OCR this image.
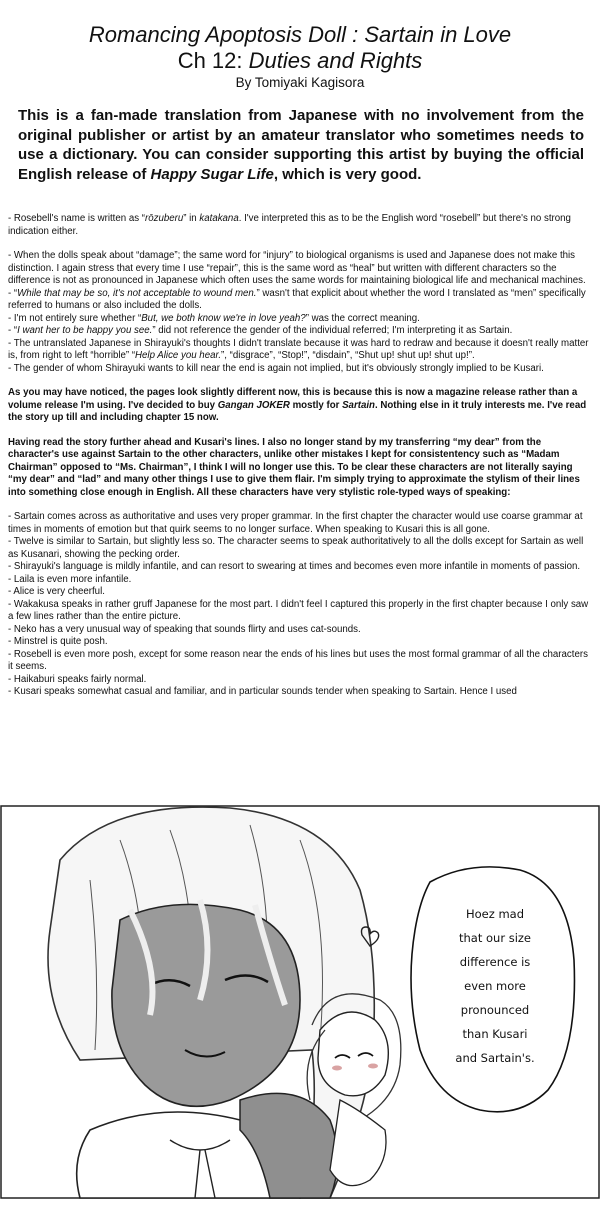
Romancing Apoptosis Doll : Sartain in Love

Ch 12: Duties and Rights

By Tomiyaki Kagisora

This is a fan-made translation from Japanese with no involvement from the original publisher or artist by an amateur translator who sometimes needs to use a dictionary. You can consider supporting this artist by buying the official English release of Happy Sugar Life, which is very good.

- Rosebell's name is written as “rōzuberu” in katakana. I've interpreted this as to be the English word “rosebell” but there's no strong indication either.

- When the dolls speak about “damage”; the same word for “injury” to biological organisms is used and Japanese does not make this distinction. I again stress that every time I use “repair”, this is the same word as “heal” but written with different characters so the difference is not as pronounced in Japanese which often uses the same words for maintaining biological life and mechanical machines.

- “While that may be so, it's not acceptable to wound men.” wasn't that explicit about whether the word I translated as “men” specifically referred to humans or also included the dolls.

- I'm not entirely sure whether “But, we both know we're in love yeah?” was the correct meaning.

- “I want her to be happy you see.” did not reference the gender of the individual referred; I'm interpreting it as Sartain.

- The untranslated Japanese in Shirayuki's thoughts I didn't translate because it was hard to redraw and because it doesn't really matter is, from right to left “horrible” “Help Alice you hear.”, “disgrace”, “Stop!”, “disdain”, “Shut up! shut up! shut up!”.

- The gender of whom Shirayuki wants to kill near the end is again not implied, but it's obviously strongly implied to be Kusari.

As you may have noticed, the pages look slightly different now, this is because this is now a magazine release rather than a volume release I'm using. I've decided to buy Gangan JOKER mostly for Sartain. Nothing else in it truly interests me. I've read the story up till and including chapter 15 now.

Having read the story further ahead and Kusari's lines. I also no longer stand by my transferring “my dear” from the character's use against Sartain to the other characters, unlike other mistakes I kept for consistentency such as “Madam Chairman” opposed to “Ms. Chairman”, I think I will no longer use this. To be clear these characters are not literally saying “my dear” and “lad” and many other things I use to give them flair. I'm simply trying to approximate the stylism of their lines into something close enough in English. All these characters have very stylistic role-typed ways of speaking:

- Sartain comes across as authoritative and uses very proper grammar. In the first chapter the character would use coarse grammar at times in moments of emotion but that quirk seems to no longer surface. When speaking to Kusari this is all gone.

- Twelve is similar to Sartain, but slightly less so. The character seems to speak authoritatively to all the dolls except for Sartain as well as Kusanari, showing the pecking order.

- Shirayuki's language is mildly infantile, and can resort to swearing at times and becomes even more infantile in moments of passion.

- Laila is even more infantile.

- Alice is very cheerful.

- Wakakusa speaks in rather gruff Japanese for the most part. I didn't feel I captured this properly in the first chapter because I only saw a few lines rather than the entire picture.

- Neko has a very unusual way of speaking that sounds flirty and uses cat-sounds.

- Minstrel is quite posh.

- Rosebell is even more posh, except for some reason near the ends of his lines but uses the most formal grammar of all the characters it seems.

- Haikaburi speaks fairly normal.

- Kusari speaks somewhat casual and familiar, and in particular sounds tender when speaking to Sartain. Hence I used

Hoez mad
that our size
difference is
even more
pronounced
than Kusari
and Sartain's.
